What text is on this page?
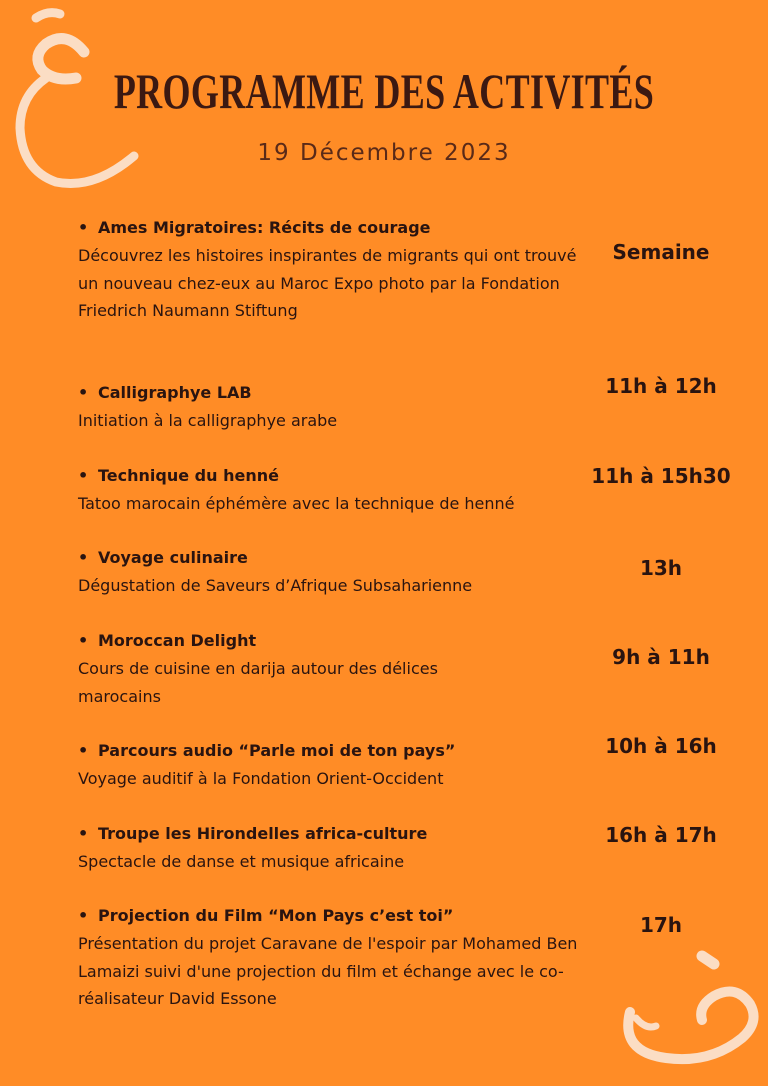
PROGRAMME DES ACTIVITÉS
19 Décembre 2023
• Ames Migratoires: Récits de courage
Découvrez les histoires inspirantes de migrants qui ont trouvé un nouveau chez-eux au Maroc Expo photo par la Fondation Friedrich Naumann Stiftung
Semaine
• Calligraphye LAB
Initiation à la calligraphye arabe
11h à 12h
• Technique du henné
Tatoo marocain éphémère avec la technique de henné
11h à 15h30
• Voyage culinaire
Dégustation de Saveurs d’Afrique Subsaharienne
13h
• Moroccan Delight
Cours de cuisine en darija autour des délices marocains
9h à 11h
• Parcours audio “Parle moi de ton pays”
Voyage auditif à la Fondation Orient-Occident
10h à 16h
• Troupe les Hirondelles africa-culture
Spectacle de danse et musique africaine
16h à 17h
• Projection du Film “Mon Pays c’est toi”
Présentation du projet Caravane de l'espoir par Mohamed Ben Lamaizi suivi d'une projection du film et échange avec le co-réalisateur David Essone
17h
